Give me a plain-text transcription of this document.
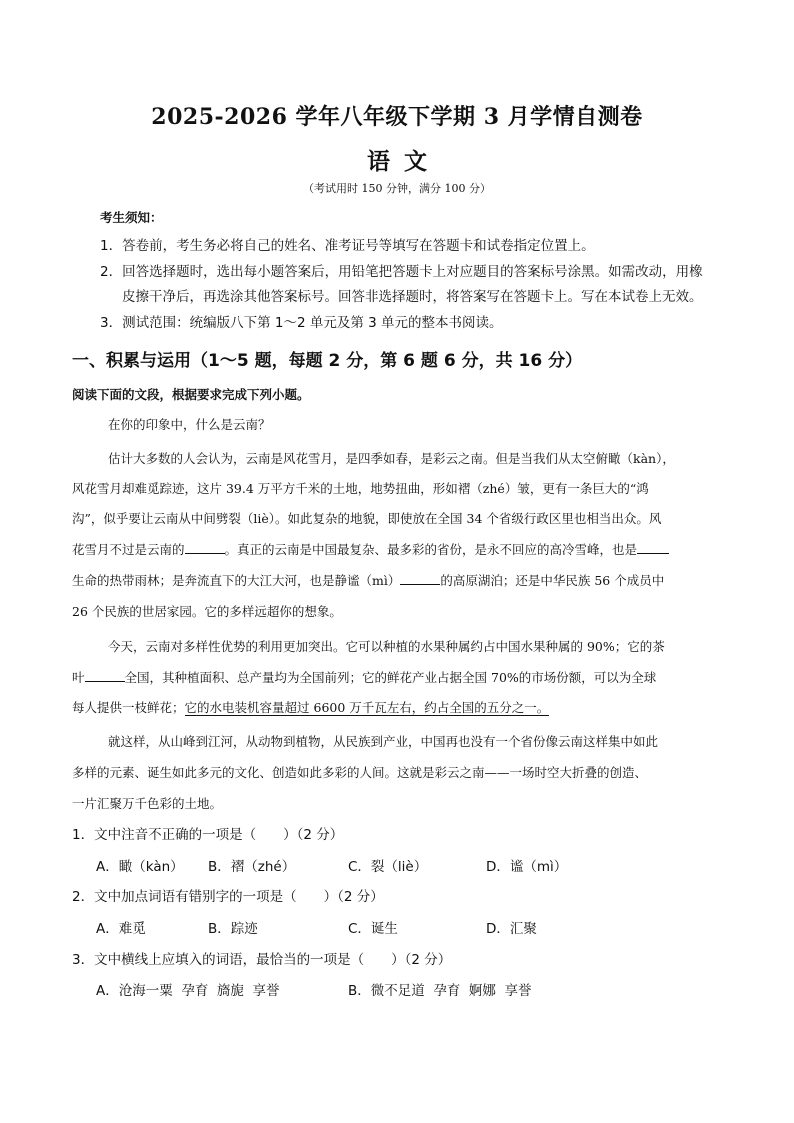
2025-2026 学年八年级下学期 3 月学情自测卷
语文
（考试用时 150 分钟，满分 100 分）
考生须知：
1．答卷前，考生务必将自己的姓名、准考证号等填写在答题卡和试卷指定位置上。
2．回答选择题时，选出每小题答案后，用铅笔把答题卡上对应题目的答案标号涂黑。如需改动，用橡
皮擦干净后，再选涂其他答案标号。回答非选择题时，将答案写在答题卡上。写在本试卷上无效。
3．测试范围：统编版八下第 1～2 单元及第 3 单元的整本书阅读。
一、积累与运用（1～5 题，每题 2 分，第 6 题 6 分，共 16 分）
阅读下面的文段，根据要求完成下列小题。
在你的印象中，什么是云南？
估计大多数的人会认为，云南是风花雪月，是四季如春，是彩云之南。但是当我们从太空俯瞰（kàn），
风花雪月却难觅踪迹，这片 39.4 万平方千米的土地，地势扭曲，形如褶（zhé）皱，更有一条巨大的“鸿
沟”，似乎要让云南从中间劈裂（liè）。如此复杂的地貌，即使放在全国 34 个省级行政区里也相当出众。风
花雪月不过是云南的	。真正的云南是中国最复杂、最多彩的省份，是永不回应的高冷雪峰，也是
生命的热带雨林；是奔流直下的大江大河，也是静谧（mì）	的高原湖泊；还是中华民族 56 个成员中
26 个民族的世居家园。它的多样远超你的想象。
今天，云南对多样性优势的利用更加突出。它可以种植的水果种属约占中国水果种属的 90%；它的茶
叶	全国，其种植面积、总产量均为全国前列；它的鲜花产业占据全国 70%的市场份额，可以为全球
每人提供一枝鲜花；它的水电装机容量超过 6600 万千瓦左右，约占全国的五分之一。
就这样，从山峰到江河，从动物到植物，从民族到产业，中国再也没有一个省份像云南这样集中如此
多样的元素、诞生如此多元的文化、创造如此多彩的人间。这就是彩云之南——一场时空大折叠的创造、
一片汇聚万千色彩的土地。
1．文中注音不正确的一项是（　　）（2 分）
A．瞰（kàn） B．褶（zhé）	C．裂（liè）	D．谧（mì）
2．文中加点词语有错别字的一项是（　　）（2 分）
A．难觅	B．踪迹	C．诞生	D．汇聚
3．文中横线上应填入的词语，最恰当的一项是（　　）（2 分）
A．沧海一粟  孕育  旖旎  享誉	B．微不足道  孕育  婀娜  享誉
